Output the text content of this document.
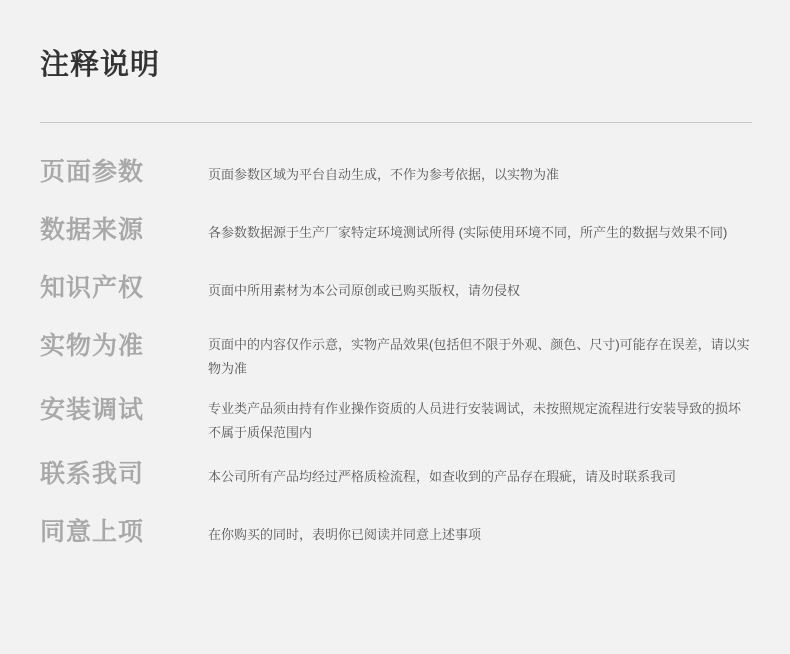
注释说明
页面参数	页面参数区域为平台自动生成，不作为参考依据，以实物为准
数据来源	各参数数据源于生产厂家特定环境测试所得 (实际使用环境不同，所产生的数据与效果不同)
知识产权	页面中所用素材为本公司原创或已购买版权，请勿侵权
实物为准	页面中的内容仅作示意，实物产品效果(包括但不限于外观、颜色、尺寸)可能存在误差，请以实物为准
安装调试	专业类产品须由持有作业操作资质的人员进行安装调试，未按照规定流程进行安装导致的损坏不属于质保范围内
联系我司	本公司所有产品均经过严格质检流程，如查收到的产品存在瑕疵，请及时联系我司
同意上项	在你购买的同时，表明你已阅读并同意上述事项
